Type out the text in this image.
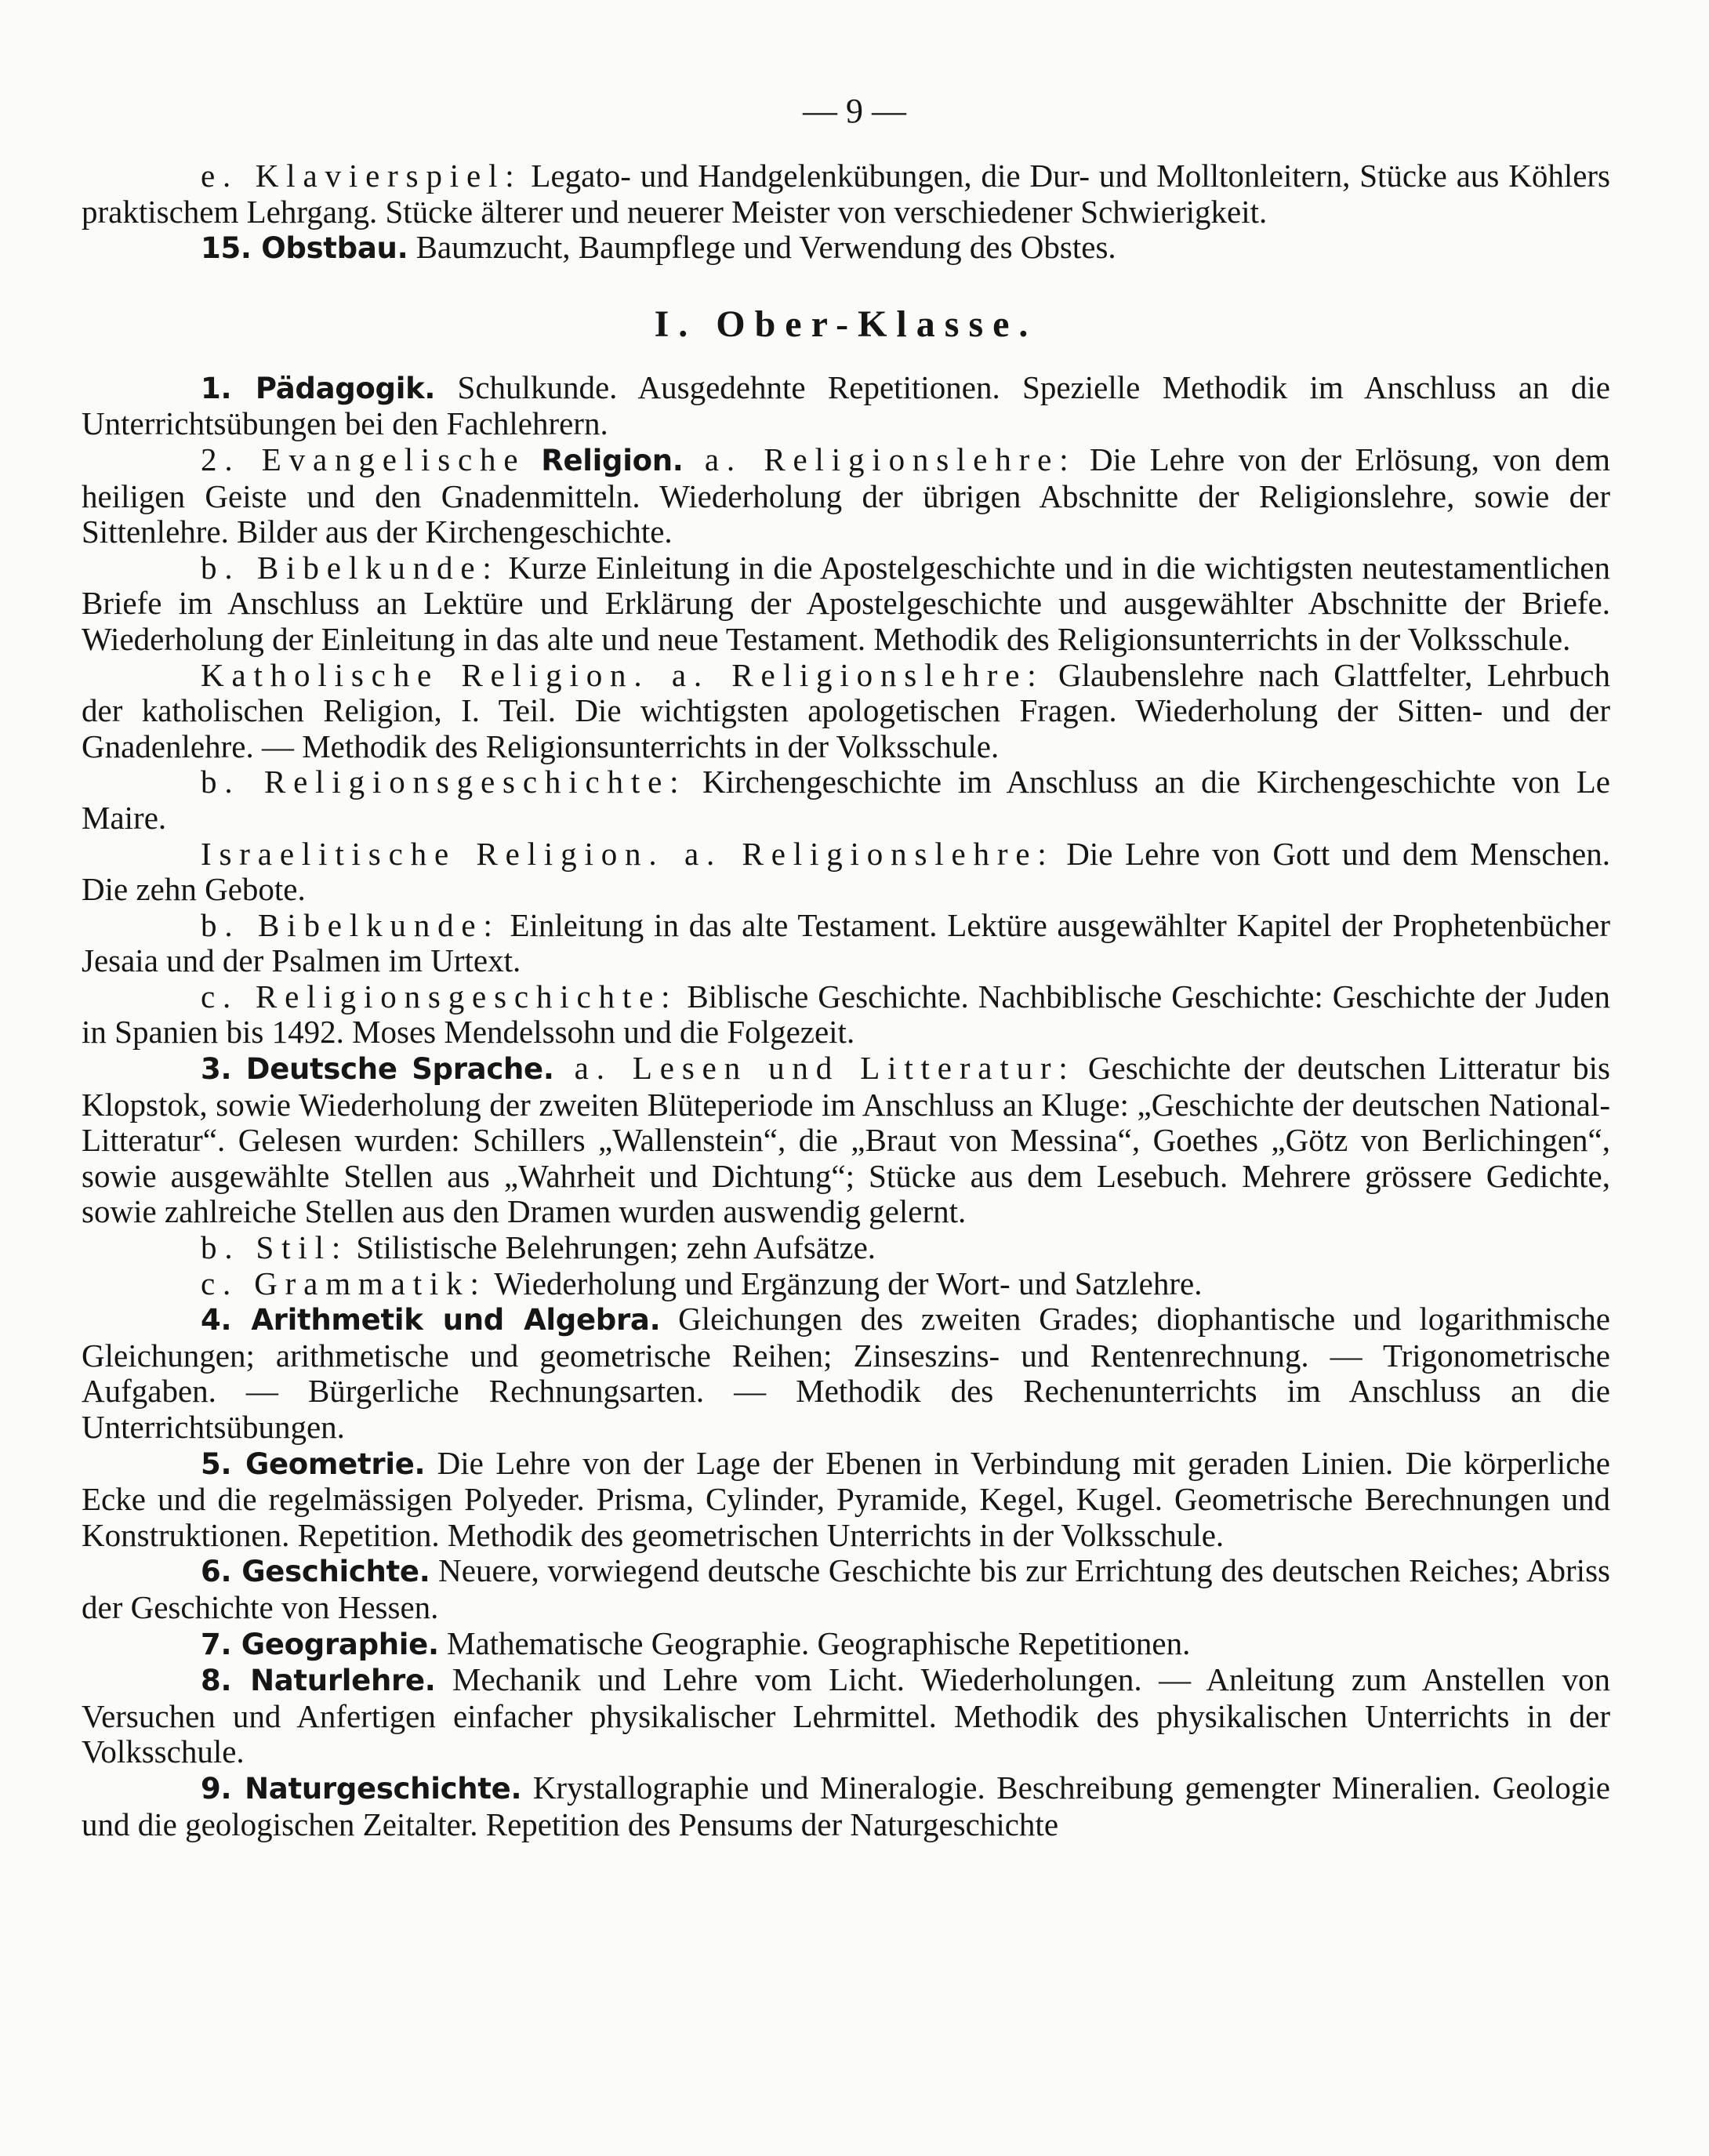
— 9 —

e. Klavierspiel: Legato- und Handgelenkübungen, die Dur- und Molltonleitern, Stücke aus Köhlers praktischem Lehrgang. Stücke älterer und neuerer Meister von verschiedener Schwierigkeit.

15. Obstbau. Baumzucht, Baumpflege und Verwendung des Obstes.

I. Ober-Klasse.

1. Pädagogik. Schulkunde. Ausgedehnte Repetitionen. Spezielle Methodik im Anschluss an die Unterrichtsübungen bei den Fachlehrern.

2. Evangelische Religion. a. Religionslehre: Die Lehre von der Erlösung, von dem heiligen Geiste und den Gnadenmitteln. Wiederholung der übrigen Abschnitte der Religionslehre, sowie der Sittenlehre. Bilder aus der Kirchengeschichte.

b. Bibelkunde: Kurze Einleitung in die Apostelgeschichte und in die wichtigsten neutestamentlichen Briefe im Anschluss an Lektüre und Erklärung der Apostelgeschichte und ausgewählter Abschnitte der Briefe. Wiederholung der Einleitung in das alte und neue Testament. Methodik des Religionsunterrichts in der Volksschule.

Katholische Religion. a. Religionslehre: Glaubenslehre nach Glattfelter, Lehrbuch der katholischen Religion, I. Teil. Die wichtigsten apologetischen Fragen. Wiederholung der Sitten- und der Gnadenlehre. — Methodik des Religionsunterrichts in der Volksschule.

b. Religionsgeschichte: Kirchengeschichte im Anschluss an die Kirchengeschichte von Le Maire.

Israelitische Religion. a. Religionslehre: Die Lehre von Gott und dem Menschen. Die zehn Gebote.

b. Bibelkunde: Einleitung in das alte Testament. Lektüre ausgewählter Kapitel der Prophetenbücher Jesaia und der Psalmen im Urtext.

c. Religionsgeschichte: Biblische Geschichte. Nachbiblische Geschichte: Geschichte der Juden in Spanien bis 1492. Moses Mendelssohn und die Folgezeit.

3. Deutsche Sprache. a. Lesen und Litteratur: Geschichte der deutschen Litteratur bis Klopstok, sowie Wiederholung der zweiten Blüteperiode im Anschluss an Kluge: „Geschichte der deutschen National-Litteratur“. Gelesen wurden: Schillers „Wallenstein“, die „Braut von Messina“, Goethes „Götz von Berlichingen“, sowie ausgewählte Stellen aus „Wahrheit und Dichtung“; Stücke aus dem Lesebuch. Mehrere grössere Gedichte, sowie zahlreiche Stellen aus den Dramen wurden auswendig gelernt.

b. Stil: Stilistische Belehrungen; zehn Aufsätze.

c. Grammatik: Wiederholung und Ergänzung der Wort- und Satzlehre.

4. Arithmetik und Algebra. Gleichungen des zweiten Grades; diophantische und logarithmische Gleichungen; arithmetische und geometrische Reihen; Zinseszins- und Rentenrechnung. — Trigonometrische Aufgaben. — Bürgerliche Rechnungsarten. — Methodik des Rechenunterrichts im Anschluss an die Unterrichtsübungen.

5. Geometrie. Die Lehre von der Lage der Ebenen in Verbindung mit geraden Linien. Die körperliche Ecke und die regelmässigen Polyeder. Prisma, Cylinder, Pyramide, Kegel, Kugel. Geometrische Berechnungen und Konstruktionen. Repetition. Methodik des geometrischen Unterrichts in der Volksschule.

6. Geschichte. Neuere, vorwiegend deutsche Geschichte bis zur Errichtung des deutschen Reiches; Abriss der Geschichte von Hessen.

7. Geographie. Mathematische Geographie. Geographische Repetitionen.

8. Naturlehre. Mechanik und Lehre vom Licht. Wiederholungen. — Anleitung zum Anstellen von Versuchen und Anfertigen einfacher physikalischer Lehrmittel. Methodik des physikalischen Unterrichts in der Volksschule.

9. Naturgeschichte. Krystallographie und Mineralogie. Beschreibung gemengter Mineralien. Geologie und die geologischen Zeitalter. Repetition des Pensums der Naturgeschichte
